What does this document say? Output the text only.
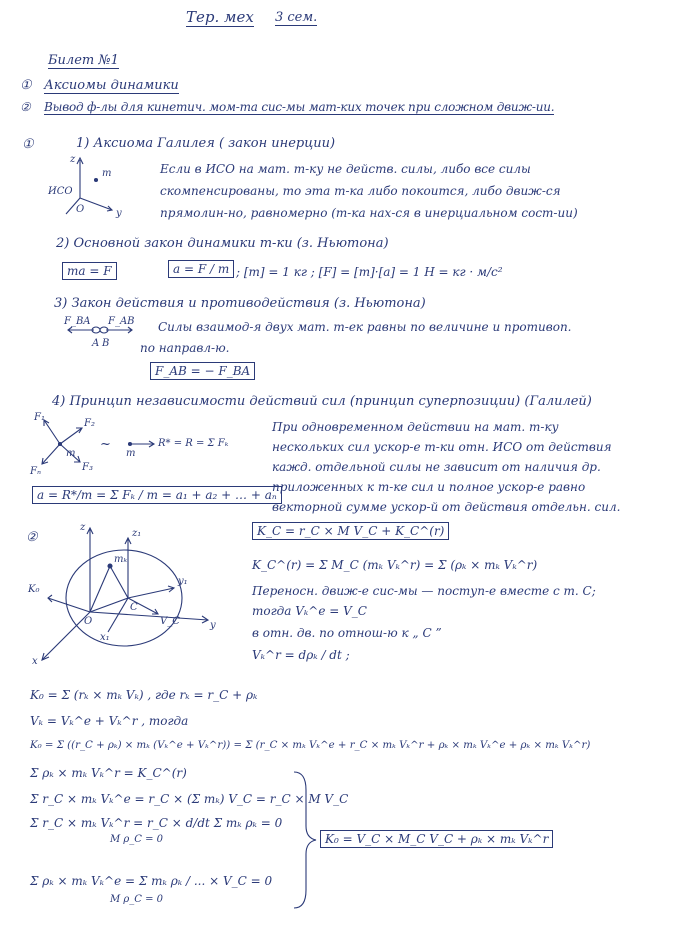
Тер. мех 3 сем.
Билет №1
① Аксиомы динамики
② Вывод ф-лы для кинетич. мом-та сис-мы мат-ких точек при сложном движ-ии.
①	1) Аксиома Галилея ( закон инерции)
z
y
ИСО
O
m	Если в ИСО на мат. т-ку не действ. силы, либо все силы
скомпенсированы, то эта т-ка либо покоится, либо движ-ся
прямолин-но, равномерно (т-ка нах-ся в инерциальном сост-ии)
2) Основной закон динамики т-ки (з. Ньютона)
ma = F	a = F / m ; [m] = 1 кг ; [F] = [m]·[a] = 1 Н = кг · м/с²
3) Закон действия и противодействия (з. Ньютона)
F_BA F_AB
A B
Силы взаимод-я двух мат. т-ек равны по величине и противоп.
по направл-ю.
F_AB = − F_BA
4) Принцип независимости действий сил (принцип суперпозиции) (Галилей)
F₁
F₂
F₃
Fₙ
m
~
m
R* = R = Σ Fₖ
При одновременном действии на мат. т-ку
нескольких сил ускор-е т-ки отн. ИСО от действия
кажд. отдельной силы не зависит от наличия др.
приложенных к т-ке сил и полное ускор-е равно
векторной сумме ускор-й от действия отдельн. сил.
a = R*/m = Σ Fₖ / m = a₁ + a₂ + … + aₙ
②
z
z₁
y
y₁
x
x₁
K₀
C
O
mₖ
V_C
K_C = r_C × M V_C + K_C^(r)
K_C^(r) = Σ M_C (mₖ Vₖ^r) = Σ (ρₖ × mₖ Vₖ^r)
Переносн. движ-е сис-мы — поступ-е вместе с т. C;
тогда Vₖ^e = V_C
в отн. дв. по отнош-ю к „ C ”
Vₖ^r = dρₖ / dt ;
K₀ = Σ (rₖ × mₖ Vₖ) , где rₖ = r_C + ρₖ
Vₖ = Vₖ^e + Vₖ^r , тогда
K₀ = Σ ((r_C + ρₖ) × mₖ (Vₖ^e + Vₖ^r)) = Σ (r_C × mₖ Vₖ^e + r_C × mₖ Vₖ^r + ρₖ × mₖ Vₖ^e + ρₖ × mₖ Vₖ^r)
Σ ρₖ × mₖ Vₖ^r = K_C^(r)
Σ r_C × mₖ Vₖ^e = r_C × (Σ mₖ) V_C = r_C × M V_C
Σ r_C × mₖ Vₖ^r = r_C × d/dt Σ mₖ ρₖ = 0
M ρ_C = 0
Σ ρₖ × mₖ Vₖ^e = Σ mₖ ρₖ / ... × V_C = 0
M ρ_C = 0
K₀ = V_C × M_C V_C + ρₖ × mₖ Vₖ^r
